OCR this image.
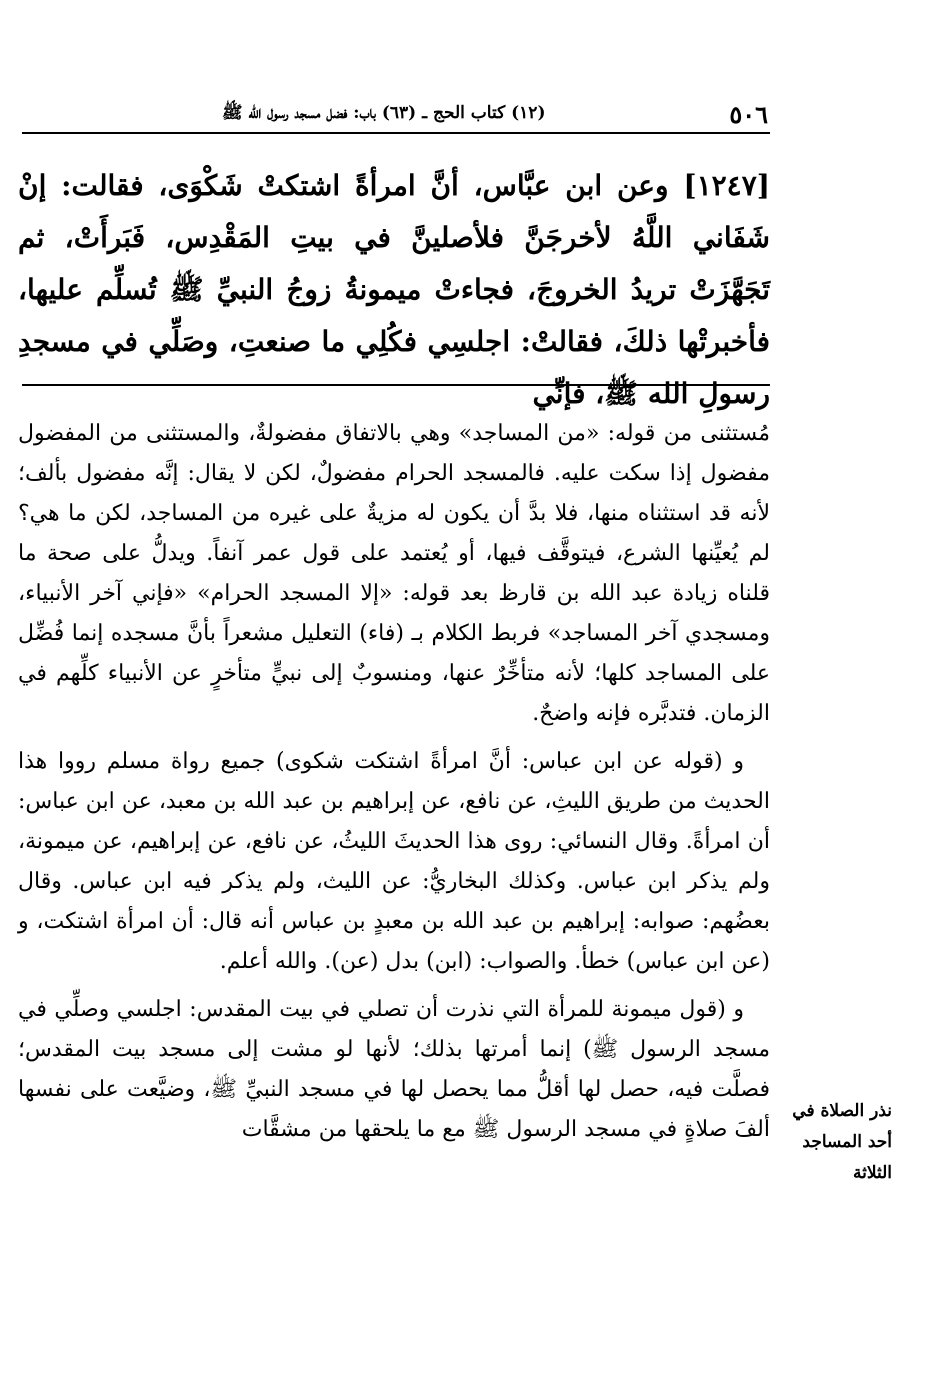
٥٠٦
(١٢) كتاب الحج ـ (٦٣) باب: فضل مسجد رسول الله ﷺ
[١٢٤٧] وعن ابن عبَّاس، أنَّ امرأةً اشتكتْ شَكْوَى، فقالت: إنْ شَفَاني اللَّهُ لأخرجَنَّ فلأصلينَّ في بيتِ المَقْدِس، فَبَرأَتْ، ثم تَجَهَّزَتْ تريدُ الخروجَ، فجاءتْ ميمونةُ زوجُ النبيِّ ﷺ تُسلِّم عليها، فأخبرتْها ذلكَ، فقالتْ: اجلسِي فكُلِي ما صنعتِ، وصَلِّي في مسجدِ رسولِ الله ﷺ، فإنِّي

مُستثنى من قوله: «من المساجد» وهي بالاتفاق مفضولةٌ، والمستثنى من المفضول مفضول إذا سكت عليه. فالمسجد الحرام مفضولٌ، لكن لا يقال: إنَّه مفضول بألف؛ لأنه قد استثناه منها، فلا بدَّ أن يكون له مزيةٌ على غيره من المساجد، لكن ما هي؟ لم يُعيِّنها الشرع، فيتوقَّف فيها، أو يُعتمد على قول عمر آنفاً. ويدلُّ على صحة ما قلناه زيادة عبد الله بن قارظ بعد قوله: «إلا المسجد الحرام» «فإني آخر الأنبياء، ومسجدي آخر المساجد» فربط الكلام بـ (فاء) التعليل مشعراً بأنَّ مسجده إنما فُضِّل على المساجد كلها؛ لأنه متأخِّرٌ عنها، ومنسوبٌ إلى نبيٍّ متأخرٍ عن الأنبياء كلِّهم في الزمان. فتدبَّره فإنه واضحٌ.

و (قوله عن ابن عباس: أنَّ امرأةً اشتكت شكوى) جميع رواة مسلم رووا هذا الحديث من طريق الليثِ، عن نافع، عن إبراهيم بن عبد الله بن معبد، عن ابن عباس: أن امرأةً. وقال النسائي: روى هذا الحديثَ الليثُ، عن نافع، عن إبراهيم، عن ميمونة، ولم يذكر ابن عباس. وكذلك البخاريُّ: عن الليث، ولم يذكر فيه ابن عباس. وقال بعضُهم: صوابه: إبراهيم بن عبد الله بن معبدٍ بن عباس أنه قال: أن امرأة اشتكت، و (عن ابن عباس) خطأ. والصواب: (ابن) بدل (عن). والله أعلم.

و (قول ميمونة للمرأة التي نذرت أن تصلي في بيت المقدس: اجلسي وصلِّي في مسجد الرسول ﷺ) إنما أمرتها بذلك؛ لأنها لو مشت إلى مسجد بيت المقدس؛ فصلَّت فيه، حصل لها أقلُّ مما يحصل لها في مسجد النبيِّ ﷺ، وضيَّعت على نفسها ألفَ صلاةٍ في مسجد الرسول ﷺ مع ما يلحقها من مشقَّات

نذر الصلاة في أحد المساجد الثلاثة
